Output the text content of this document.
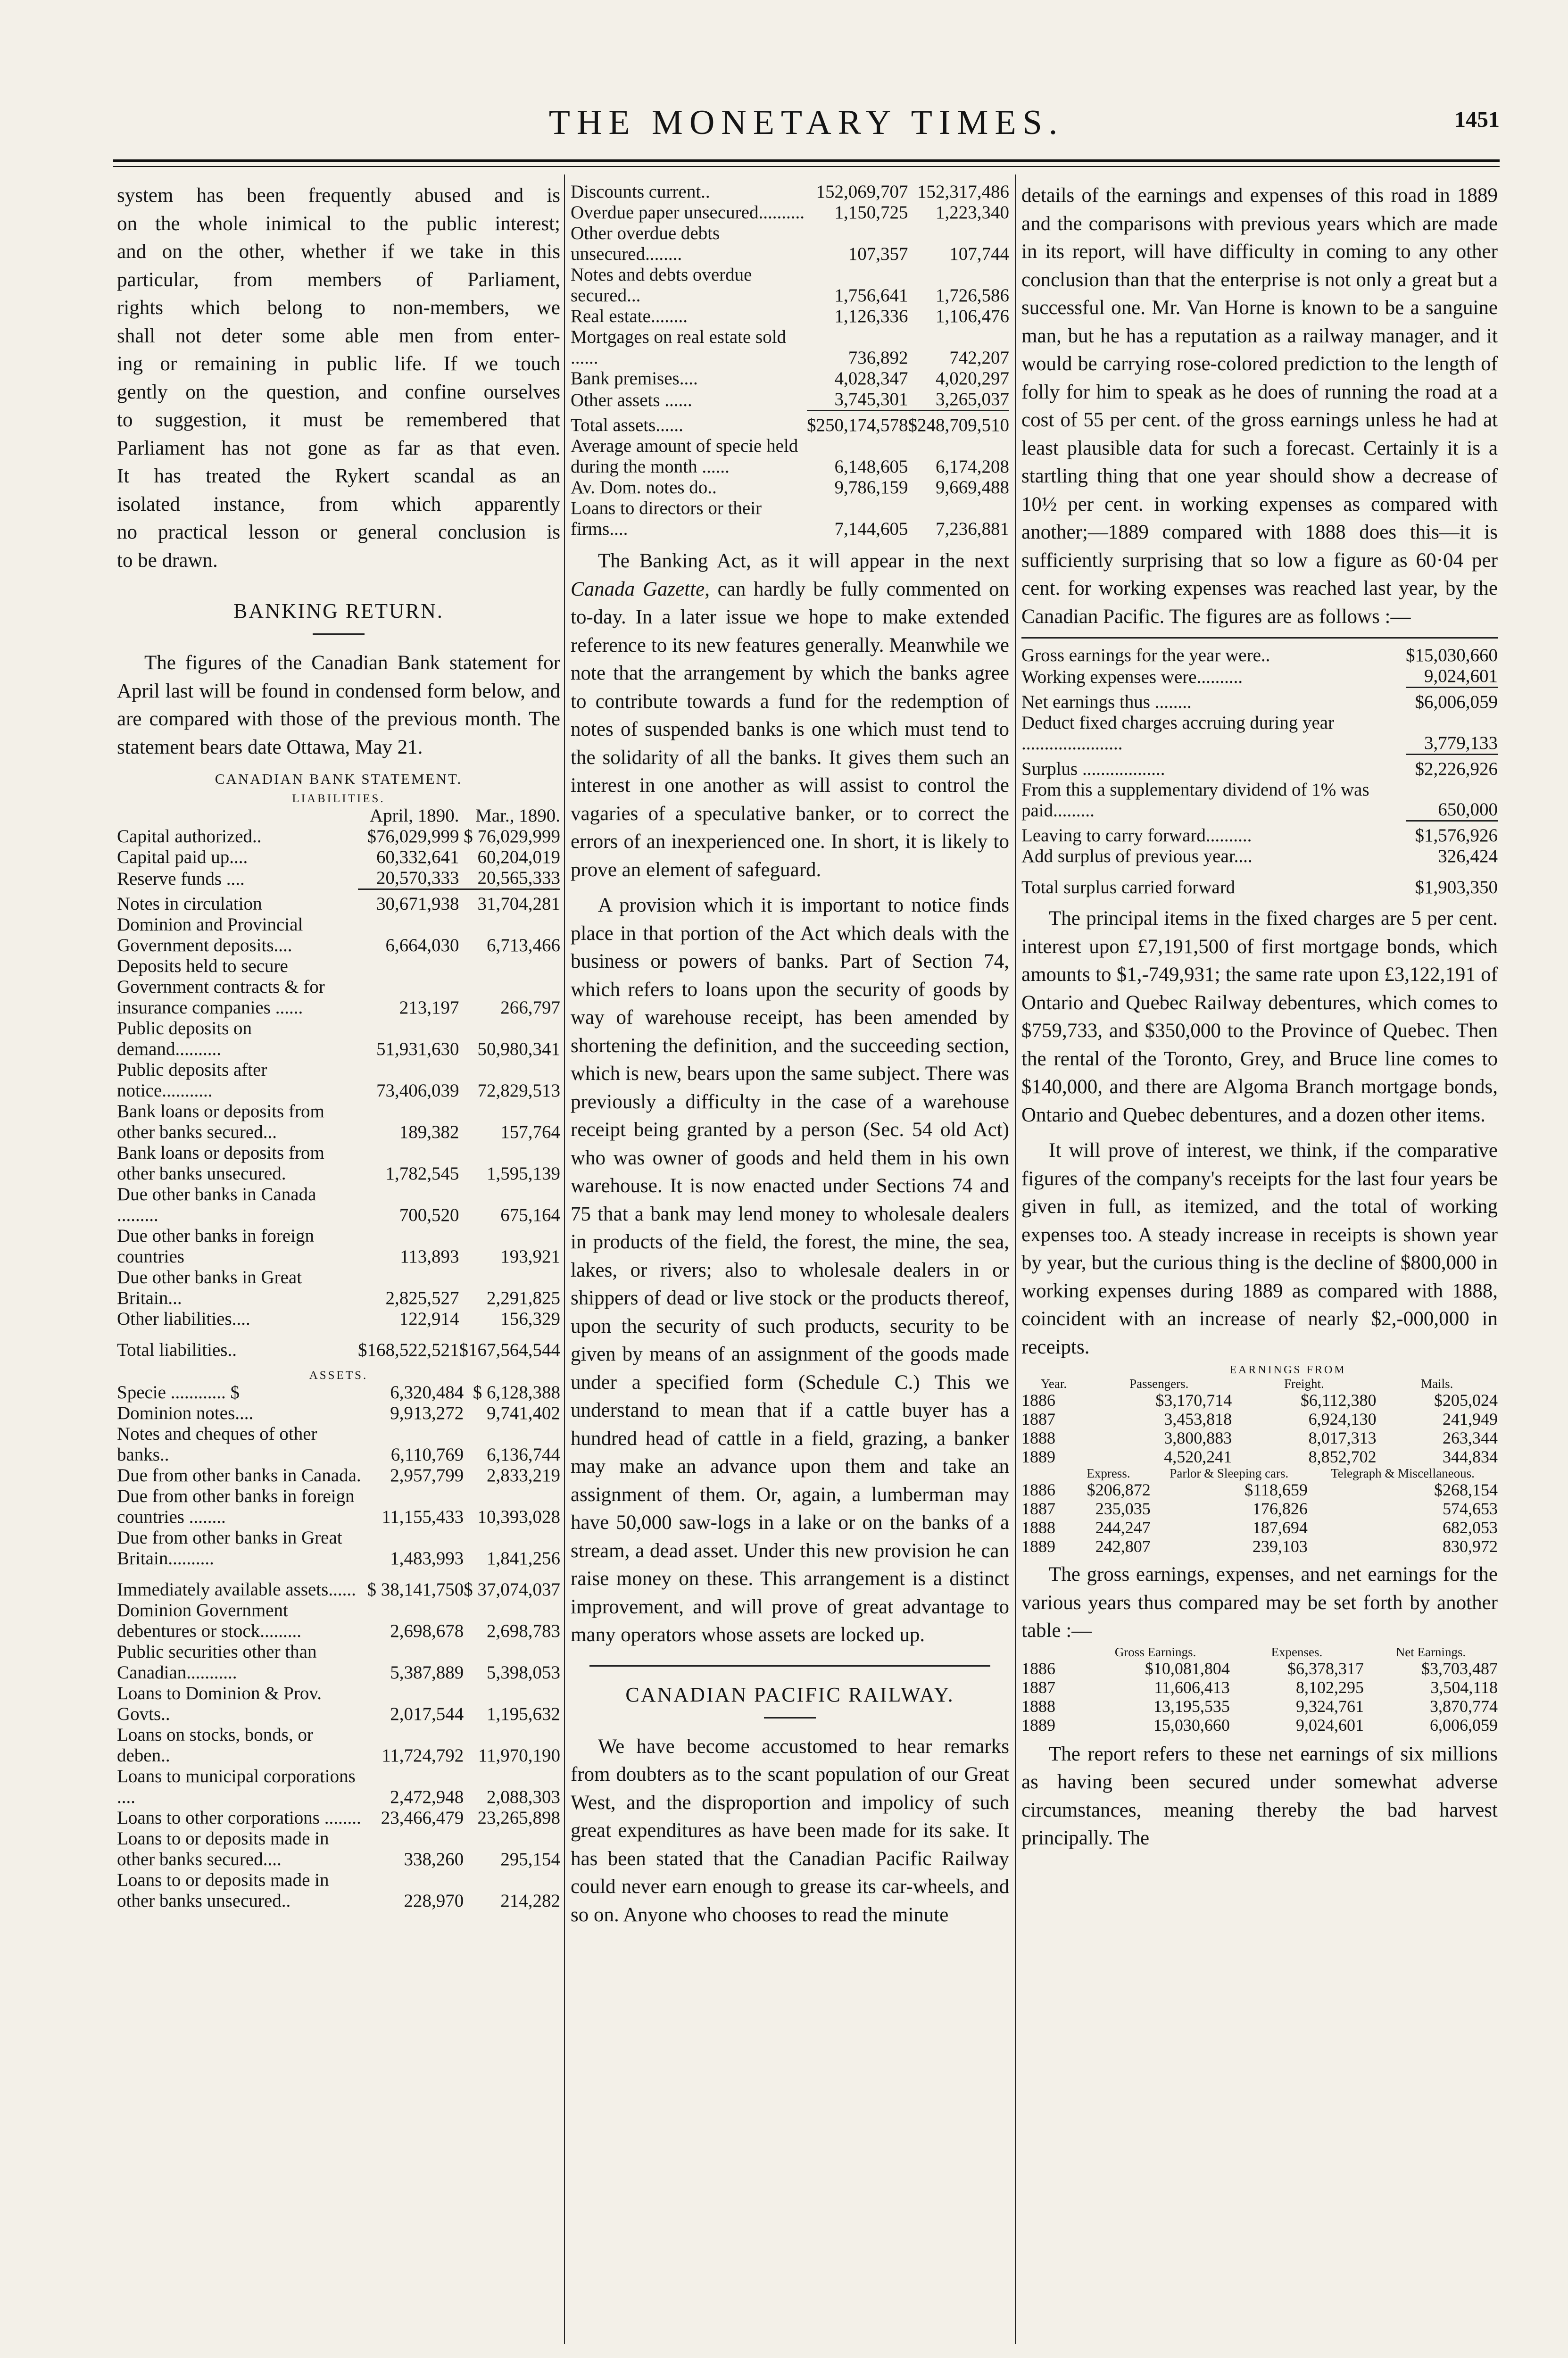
THE MONETARY TIMES.	1451
system has been frequently abused and is
on the whole inimical to the public interest;
and on the other, whether if we take in this
particular, from members of Parliament,
rights which belong to non-members, we
shall not deter some able men from enter-
ing or remaining in public life. If we touch
gently on the question, and confine ourselves
to suggestion, it must be remembered that
Parliament has not gone as far as that even.
It has treated the Rykert scandal as an
isolated instance, from which apparently
no practical lesson or general conclusion is
to be drawn.

BANKING RETURN.

The figures of the Canadian Bank statement for April last will be found in condensed form below, and are compared with those of the previous month. The statement bears date Ottawa, May 21.

CANADIAN BANK STATEMENT.

LIABILITIES.

	April, 1890.	Mar., 1890.
Capital authorized..	$76,029,999	$ 76,029,999
Capital paid up....	60,332,641	60,204,019
Reserve funds ....	20,570,333	20,565,333
Notes in circulation	30,671,938	31,704,281
Dominion and Provincial Government deposits....	6,664,030	6,713,466
Deposits held to secure Government contracts & for insurance companies ......	213,197	266,797
Public deposits on demand..........	51,931,630	50,980,341
Public deposits after notice...........	73,406,039	72,829,513
Bank loans or deposits from other banks secured...	189,382	157,764
Bank loans or deposits from other banks unsecured.	1,782,545	1,595,139
Due other banks in Canada .........	700,520	675,164
Due other banks in foreign countries	113,893	193,921
Due other banks in Great Britain...	2,825,527	2,291,825
Other liabilities....	122,914	156,329
Total liabilities..	$168,522,521	$167,564,544

ASSETS.

Specie ............ $	6,320,484	$ 6,128,388
Dominion notes....	9,913,272	9,741,402
Notes and cheques of other banks..	6,110,769	6,136,744
Due from other banks in Canada.	2,957,799	2,833,219
Due from other banks in foreign countries ........	11,155,433	10,393,028
Due from other banks in Great Britain..........	1,483,993	1,841,256
Immediately available assets......	$ 38,141,750	$ 37,074,037
Dominion Government debentures or stock.........	2,698,678	2,698,783
Public securities other than Canadian...........	5,387,889	5,398,053
Loans to Dominion & Prov. Govts..	2,017,544	1,195,632
Loans on stocks, bonds, or deben..	11,724,792	11,970,190
Loans to municipal corporations ....	2,472,948	2,088,303
Loans to other corporations ........	23,466,479	23,265,898
Loans to or deposits made in other banks secured....	338,260	295,154
Loans to or deposits made in other banks unsecured..	228,970	214,282
Discounts current..	152,069,707	152,317,486
Overdue paper unsecured..........	1,150,725	1,223,340
Other overdue debts unsecured........	107,357	107,744
Notes and debts overdue secured...	1,756,641	1,726,586
Real estate........	1,126,336	1,106,476
Mortgages on real estate sold ......	736,892	742,207
Bank premises....	4,028,347	4,020,297
Other assets ......	3,745,301	3,265,037
Total assets......	$250,174,578	$248,709,510
Average amount of specie held during the month ......	6,148,605	6,174,208
Av. Dom. notes do..	9,786,159	9,669,488
Loans to directors or their firms....	7,144,605	7,236,881

The Banking Act, as it will appear in the next Canada Gazette, can hardly be fully commented on to-day. In a later issue we hope to make extended reference to its new features generally. Meanwhile we note that the arrangement by which the banks agree to contribute towards a fund for the redemption of notes of suspended banks is one which must tend to the solidarity of all the banks. It gives them such an interest in one another as will assist to control the vagaries of a speculative banker, or to correct the errors of an inexperienced one. In short, it is likely to prove an element of safeguard.

A provision which it is important to notice finds place in that portion of the Act which deals with the business or powers of banks. Part of Section 74, which refers to loans upon the security of goods by way of warehouse receipt, has been amended by shortening the definition, and the succeeding section, which is new, bears upon the same subject. There was previously a difficulty in the case of a warehouse receipt being granted by a person (Sec. 54 old Act) who was owner of goods and held them in his own warehouse. It is now enacted under Sections 74 and 75 that a bank may lend money to wholesale dealers in products of the field, the forest, the mine, the sea, lakes, or rivers; also to wholesale dealers in or shippers of dead or live stock or the products thereof, upon the security of such products, security to be given by means of an assignment of the goods made under a specified form (Schedule C.) This we understand to mean that if a cattle buyer has a hundred head of cattle in a field, grazing, a banker may make an advance upon them and take an assignment of them. Or, again, a lumberman may have 50,000 saw-logs in a lake or on the banks of a stream, a dead asset. Under this new provision he can raise money on these. This arrangement is a distinct improvement, and will prove of great advantage to many operators whose assets are locked up.

CANADIAN PACIFIC RAILWAY.

We have become accustomed to hear remarks from doubters as to the scant population of our Great West, and the disproportion and impolicy of such great expenditures as have been made for its sake. It has been stated that the Canadian Pacific Railway could never earn enough to grease its car-wheels, and so on. Anyone who chooses to read the minute

details of the earnings and expenses of this road in 1889 and the comparisons with previous years which are made in its report, will have difficulty in coming to any other conclusion than that the enterprise is not only a great but a successful one. Mr. Van Horne is known to be a sanguine man, but he has a reputation as a railway manager, and it would be carrying rose-colored prediction to the length of folly for him to speak as he does of running the road at a cost of 55 per cent. of the gross earnings unless he had at least plausible data for such a forecast. Certainly it is a startling thing that one year should show a decrease of 10½ per cent. in working expenses as compared with another;—1889 compared with 1888 does this—it is sufficiently surprising that so low a figure as 60·04 per cent. for working expenses was reached last year, by the Canadian Pacific. The figures are as follows :—

Gross earnings for the year were..	$15,030,660
Working expenses were..........	9,024,601
Net earnings thus ........	$6,006,059
Deduct fixed charges accruing during year ......................	3,779,133
Surplus ..................	$2,226,926
From this a supplementary dividend of 1% was paid.........	650,000
Leaving to carry forward..........	$1,576,926
Add surplus of previous year....	326,424
Total surplus carried forward	$1,903,350

The principal items in the fixed charges are 5 per cent. interest upon £7,191,500 of first mortgage bonds, which amounts to $1,-749,931; the same rate upon £3,122,191 of Ontario and Quebec Railway debentures, which comes to $759,733, and $350,000 to the Province of Quebec. Then the rental of the Toronto, Grey, and Bruce line comes to $140,000, and there are Algoma Branch mortgage bonds, Ontario and Quebec debentures, and a dozen other items.

It will prove of interest, we think, if the comparative figures of the company's receipts for the last four years be given in full, as itemized, and the total of working expenses too. A steady increase in receipts is shown year by year, but the curious thing is the decline of $800,000 in working expenses during 1889 as compared with 1888, coincident with an increase of nearly $2,-000,000 in receipts.

EARNINGS FROM

Year.	Passengers.	Freight.	Mails.
1886	$3,170,714	$6,112,380	$205,024
1887	3,453,818	6,924,130	241,949
1888	3,800,883	8,017,313	263,344
1889	4,520,241	8,852,702	344,834
	Express.	Parlor & Sleeping cars.	Telegraph & Miscellaneous.
1886	$206,872	$118,659	$268,154
1887	235,035	176,826	574,653
1888	244,247	187,694	682,053
1889	242,807	239,103	830,972

The gross earnings, expenses, and net earnings for the various years thus compared may be set forth by another table :—

	Gross Earnings.	Expenses.	Net Earnings.
1886	$10,081,804	$6,378,317	$3,703,487
1887	11,606,413	8,102,295	3,504,118
1888	13,195,535	9,324,761	3,870,774
1889	15,030,660	9,024,601	6,006,059

The report refers to these net earnings of six millions as having been secured under somewhat adverse circumstances, meaning thereby the bad harvest principally. The
